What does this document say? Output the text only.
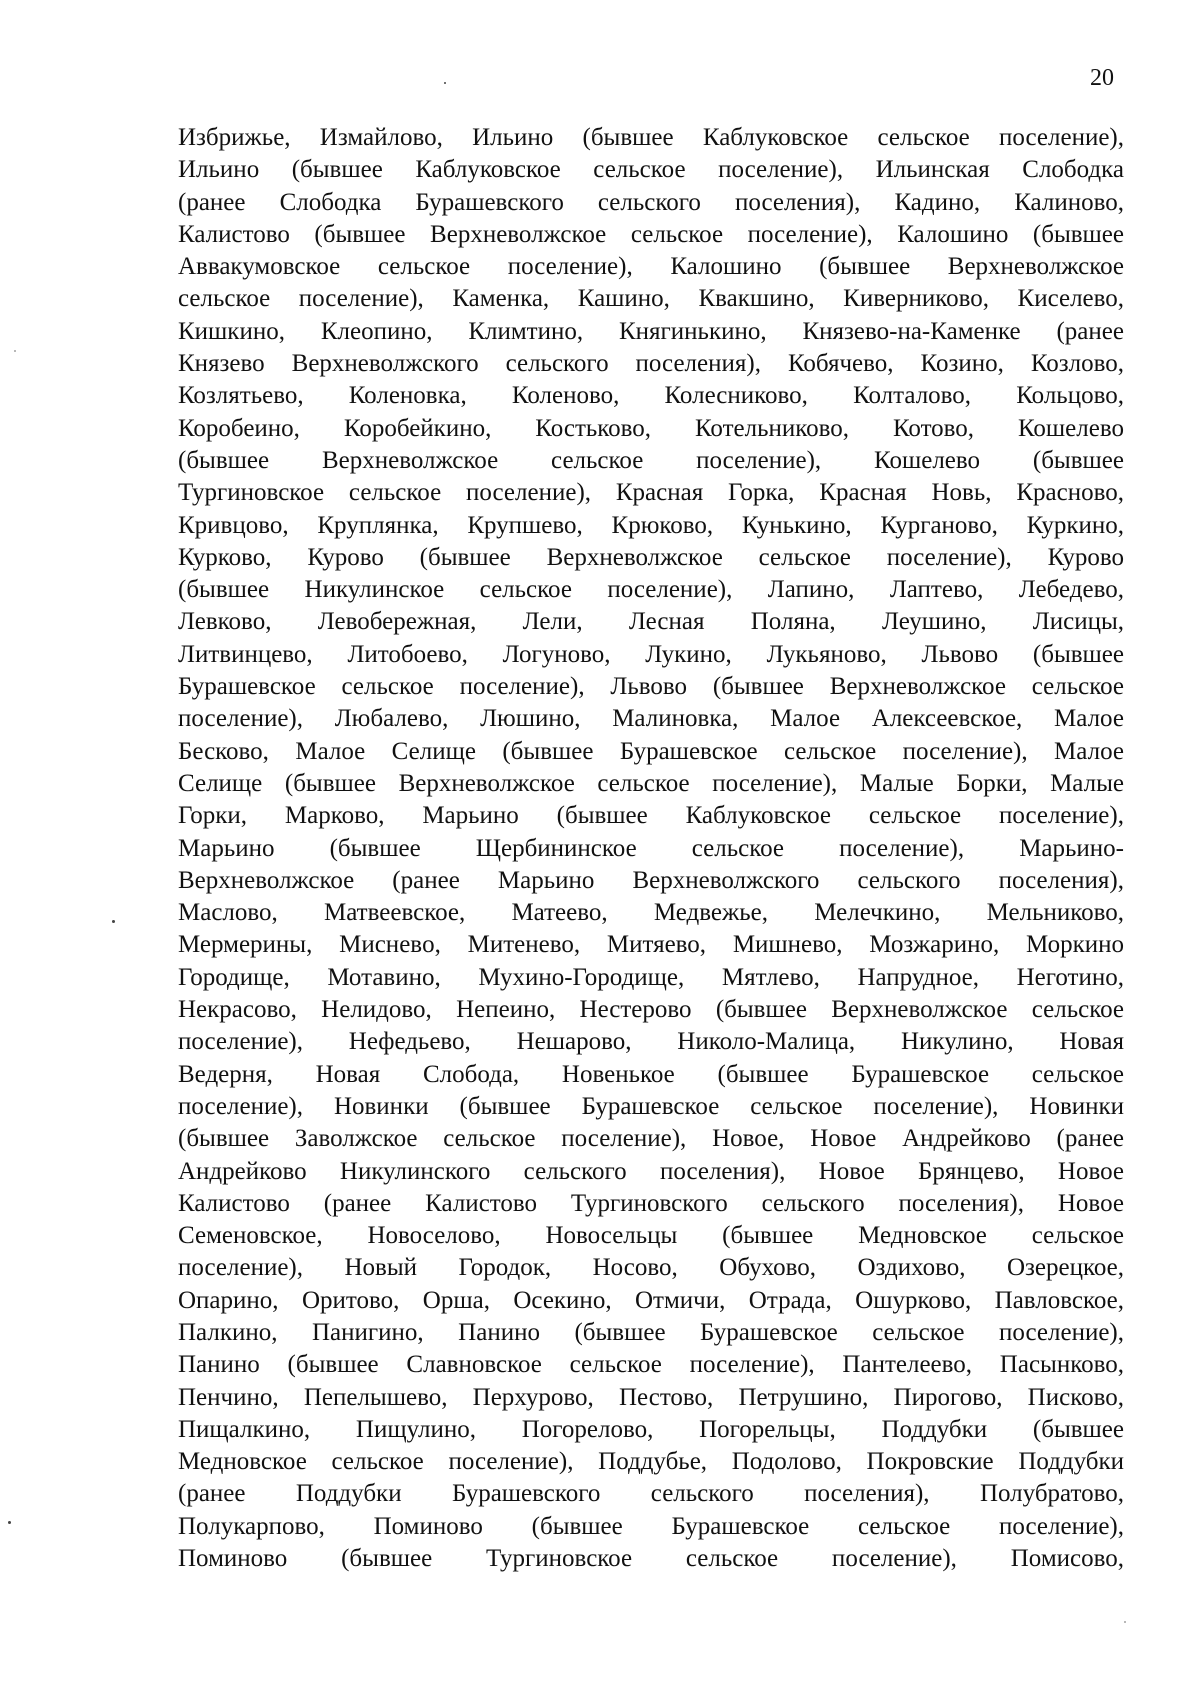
20
Избрижье, Измайлово, Ильино (бывшее Каблуковское сельское поселение),
Ильино (бывшее Каблуковское сельское поселение), Ильинская Слободка
(ранее Слободка Бурашевского сельского поселения), Кадино, Калиново,
Калистово (бывшее Верхневолжское сельское поселение), Калошино (бывшее
Аввакумовское сельское поселение), Калошино (бывшее Верхневолжское
сельское поселение), Каменка, Кашино, Квакшино, Киверниково, Киселево,
Кишкино, Клеопино, Климтино, Княгинькино, Князево-на-Каменке (ранее
Князево Верхневолжского сельского поселения), Кобячево, Козино, Козлово,
Козлятьево, Коленовка, Коленово, Колесниково, Колталово, Кольцово,
Коробеино, Коробейкино, Костьково, Котельниково, Котово, Кошелево
(бывшее Верхневолжское сельское поселение), Кошелево (бывшее
Тургиновское сельское поселение), Красная Горка, Красная Новь, Красново,
Кривцово, Круплянка, Крупшево, Крюково, Кунькино, Курганово, Куркино,
Курково, Курово (бывшее Верхневолжское сельское поселение), Курово
(бывшее Никулинское сельское поселение), Лапино, Лаптево, Лебедево,
Левково, Левобережная, Лели, Лесная Поляна, Леушино, Лисицы,
Литвинцево, Литобоево, Логуново, Лукино, Лукьяново, Львово (бывшее
Бурашевское сельское поселение), Львово (бывшее Верхневолжское сельское
поселение), Любалево, Люшино, Малиновка, Малое Алексеевское, Малое
Бесково, Малое Селище (бывшее Бурашевское сельское поселение), Малое
Селище (бывшее Верхневолжское сельское поселение), Малые Борки, Малые
Горки, Марково, Марьино (бывшее Каблуковское сельское поселение),
Марьино (бывшее Щербининское сельское поселение), Марьино-
Верхневолжское (ранее Марьино Верхневолжского сельского поселения),
Маслово, Матвеевское, Матеево, Медвежье, Мелечкино, Мельниково,
Мермерины, Мисневo, Митенево, Митяево, Мишнево, Мозжарино, Моркино
Городище, Мотавино, Мухино-Городище, Мятлево, Напрудное, Неготино,
Некрасово, Нелидово, Непеино, Нестерово (бывшее Верхневолжское сельское
поселение), Нефедьево, Нешарово, Николо-Малица, Никулино, Новая
Ведерня, Новая Слобода, Новенькое (бывшее Бурашевское сельское
поселение), Новинки (бывшее Бурашевское сельское поселение), Новинки
(бывшее Заволжское сельское поселение), Новое, Новое Андрейково (ранее
Андрейково Никулинского сельского поселения), Новое Брянцево, Новое
Калистово (ранее Калистово Тургиновского сельского поселения), Новое
Семеновское, Новоселово, Новосельцы (бывшее Медновское сельское
поселение), Новый Городок, Носово, Обухово, Оздихово, Озерецкое,
Опарино, Оритово, Орша, Осекино, Отмичи, Отрада, Ошурково, Павловское,
Палкино, Панигино, Панино (бывшее Бурашевское сельское поселение),
Панино (бывшее Славновское сельское поселение), Пантелеево, Пасынково,
Пенчино, Пепелышево, Перхурово, Пестово, Петрушино, Пирогово, Писково,
Пищалкино, Пищулино, Погорелово, Погорельцы, Поддубки (бывшее
Медновское сельское поселение), Поддубье, Подолово, Покровские Поддубки
(ранее Поддубки Бурашевского сельского поселения), Полубратово,
Полукарпово, Поминово (бывшее Бурашевское сельское поселение),
Поминово (бывшее Тургиновское сельское поселение), Помисово,
